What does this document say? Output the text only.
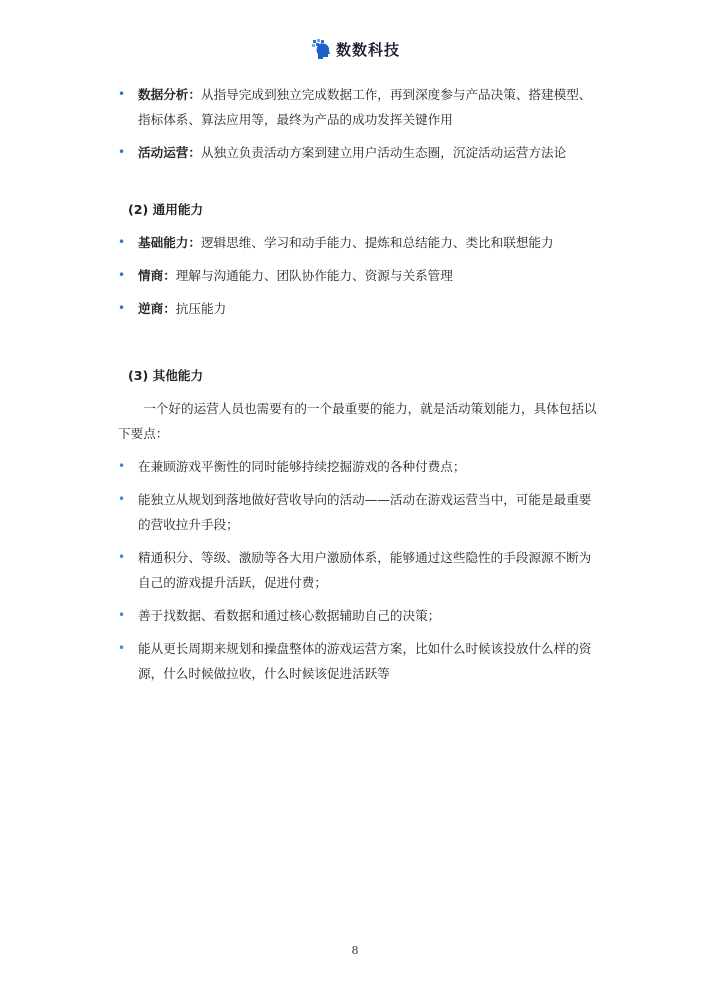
数数科技
• 数据分析：从指导完成到独立完成数据工作，再到深度参与产品决策、搭建模型、指标体系、算法应用等，最终为产品的成功发挥关键作用
• 活动运营：从独立负责活动方案到建立用户活动生态圈，沉淀活动运营方法论
(2) 通用能力
• 基础能力：逻辑思维、学习和动手能力、提炼和总结能力、类比和联想能力
• 情商：理解与沟通能力、团队协作能力、资源与关系管理
• 逆商：抗压能力
(3) 其他能力
一个好的运营人员也需要有的一个最重要的能力，就是活动策划能力，具体包括以下要点：
• 在兼顾游戏平衡性的同时能够持续挖掘游戏的各种付费点；
• 能独立从规划到落地做好营收导向的活动——活动在游戏运营当中，可能是最重要的营收拉升手段；
• 精通积分、等级、激励等各大用户激励体系，能够通过这些隐性的手段源源不断为自己的游戏提升活跃，促进付费；
• 善于找数据、看数据和通过核心数据辅助自己的决策；
• 能从更长周期来规划和操盘整体的游戏运营方案，比如什么时候该投放什么样的资源，什么时候做拉收，什么时候该促进活跃等
8
